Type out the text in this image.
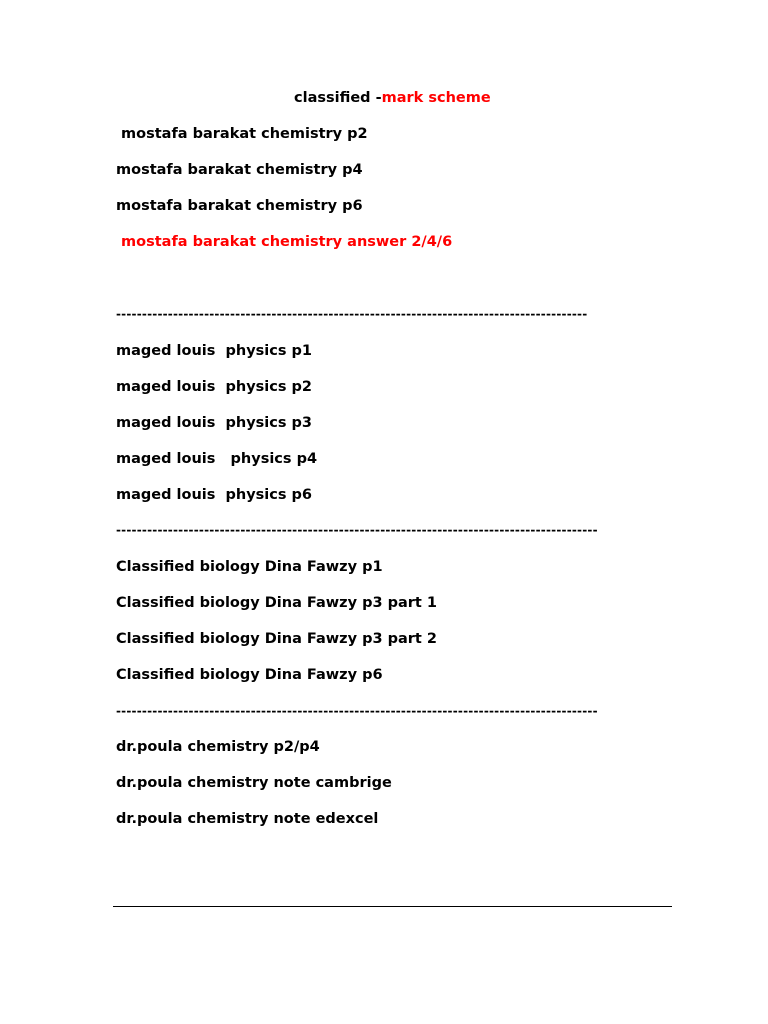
classified -mark scheme
mostafa barakat chemistry p2
mostafa barakat chemistry p4
mostafa barakat chemistry p6
mostafa barakat chemistry answer 2/4/6
-------------------------------------------------------------------------------------------
maged louis  physics p1
maged louis  physics p2
maged louis  physics p3
maged louis   physics p4
maged louis  physics p6
---------------------------------------------------------------------------------------------
Classified biology Dina Fawzy p1
Classified biology Dina Fawzy p3 part 1
Classified biology Dina Fawzy p3 part 2
Classified biology Dina Fawzy p6
---------------------------------------------------------------------------------------------
dr.poula chemistry p2/p4
dr.poula chemistry note cambrige
dr.poula chemistry note edexcel
